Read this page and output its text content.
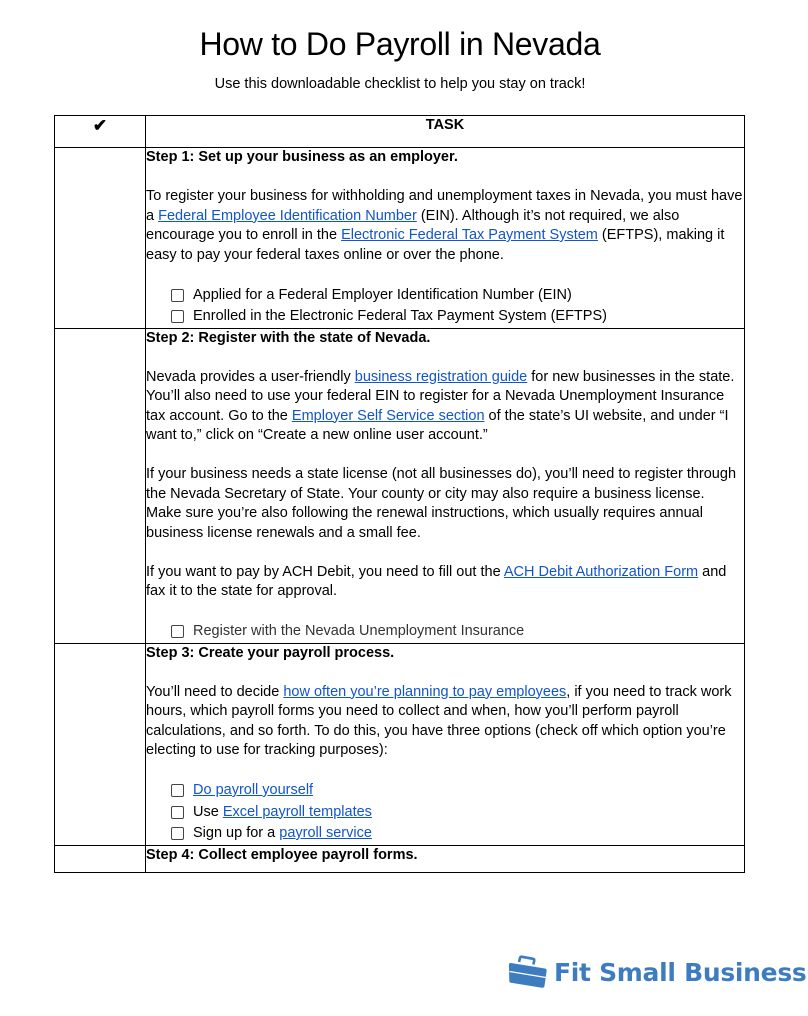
How to Do Payroll in Nevada

Use this downloadable checklist to help you stay on track!

✔	TASK

Step 1: Set up your business as an employer.

To register your business for withholding and unemployment taxes in Nevada, you must have a Federal Employee Identification Number (EIN). Although it’s not required, we also encourage you to enroll in the Electronic Federal Tax Payment System (EFTPS), making it easy to pay your federal taxes online or over the phone.

Applied for a Federal Employer Identification Number (EIN)
Enrolled in the Electronic Federal Tax Payment System (EFTPS)

Step 2: Register with the state of Nevada.

Nevada provides a user-friendly business registration guide for new businesses in the state. You’ll also need to use your federal EIN to register for a Nevada Unemployment Insurance tax account. Go to the Employer Self Service section of the state’s UI website, and under “I want to,” click on “Create a new online user account.”

If your business needs a state license (not all businesses do), you’ll need to register through the Nevada Secretary of State. Your county or city may also require a business license. Make sure you’re also following the renewal instructions, which usually requires annual business license renewals and a small fee.

If you want to pay by ACH Debit, you need to fill out the ACH Debit Authorization Form and fax it to the state for approval.

Register with the Nevada Unemployment Insurance

Step 3: Create your payroll process.

You’ll need to decide how often you’re planning to pay employees, if you need to track work hours, which payroll forms you need to collect and when, how you’ll perform payroll calculations, and so forth. To do this, you have three options (check off which option you’re electing to use for tracking purposes):

Do payroll yourself
Use Excel payroll templates
Sign up for a payroll service

	Step 4: Collect employee payroll forms.

Fit Small Business
